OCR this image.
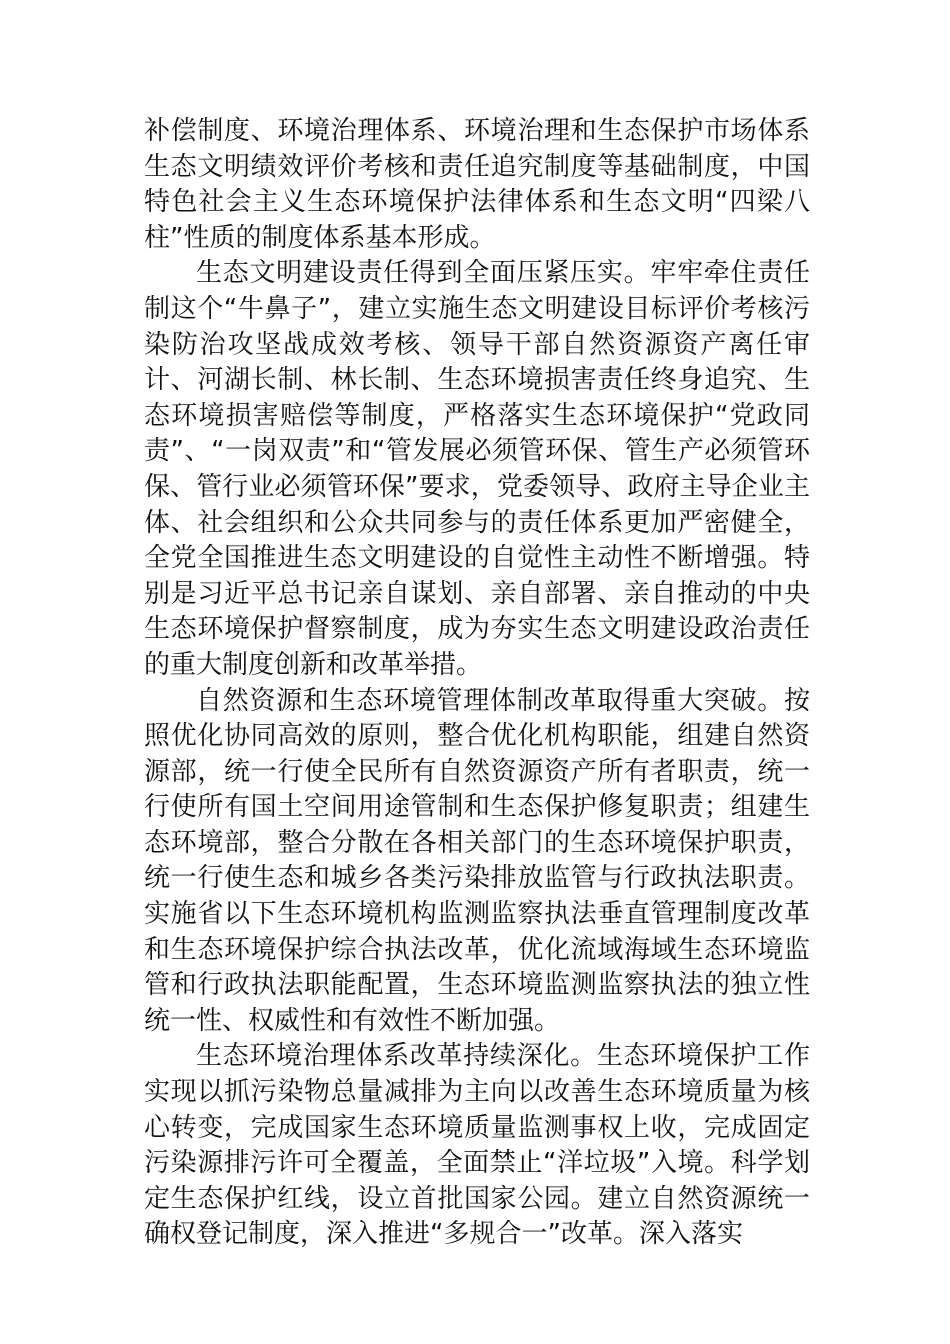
补偿制度、环境治理体系、环境治理和生态保护市场体系生态文明绩效评价考核和责任追究制度等基础制度，中国特色社会主义生态环境保护法律体系和生态文明“四梁八柱”性质的制度体系基本形成。

生态文明建设责任得到全面压紧压实。牢牢牵住责任制这个“牛鼻子”，建立实施生态文明建设目标评价考核污染防治攻坚战成效考核、领导干部自然资源资产离任审计、河湖长制、林长制、生态环境损害责任终身追究、生态环境损害赔偿等制度，严格落实生态环境保护“党政同责”、“一岗双责”和“管发展必须管环保、管生产必须管环保、管行业必须管环保”要求，党委领导、政府主导企业主体、社会组织和公众共同参与的责任体系更加严密健全，全党全国推进生态文明建设的自觉性主动性不断增强。特别是习近平总书记亲自谋划、亲自部署、亲自推动的中央生态环境保护督察制度，成为夯实生态文明建设政治责任的重大制度创新和改革举措。

自然资源和生态环境管理体制改革取得重大突破。按照优化协同高效的原则，整合优化机构职能，组建自然资源部，统一行使全民所有自然资源资产所有者职责，统一行使所有国土空间用途管制和生态保护修复职责；组建生态环境部，整合分散在各相关部门的生态环境保护职责，统一行使生态和城乡各类污染排放监管与行政执法职责。实施省以下生态环境机构监测监察执法垂直管理制度改革和生态环境保护综合执法改革，优化流域海域生态环境监管和行政执法职能配置，生态环境监测监察执法的独立性统一性、权威性和有效性不断加强。

生态环境治理体系改革持续深化。生态环境保护工作实现以抓污染物总量减排为主向以改善生态环境质量为核心转变，完成国家生态环境质量监测事权上收，完成固定污染源排污许可全覆盖，全面禁止“洋垃圾”入境。科学划定生态保护红线，设立首批国家公园。建立自然资源统一确权登记制度，深入推进“多规合一”改革。深入落实
